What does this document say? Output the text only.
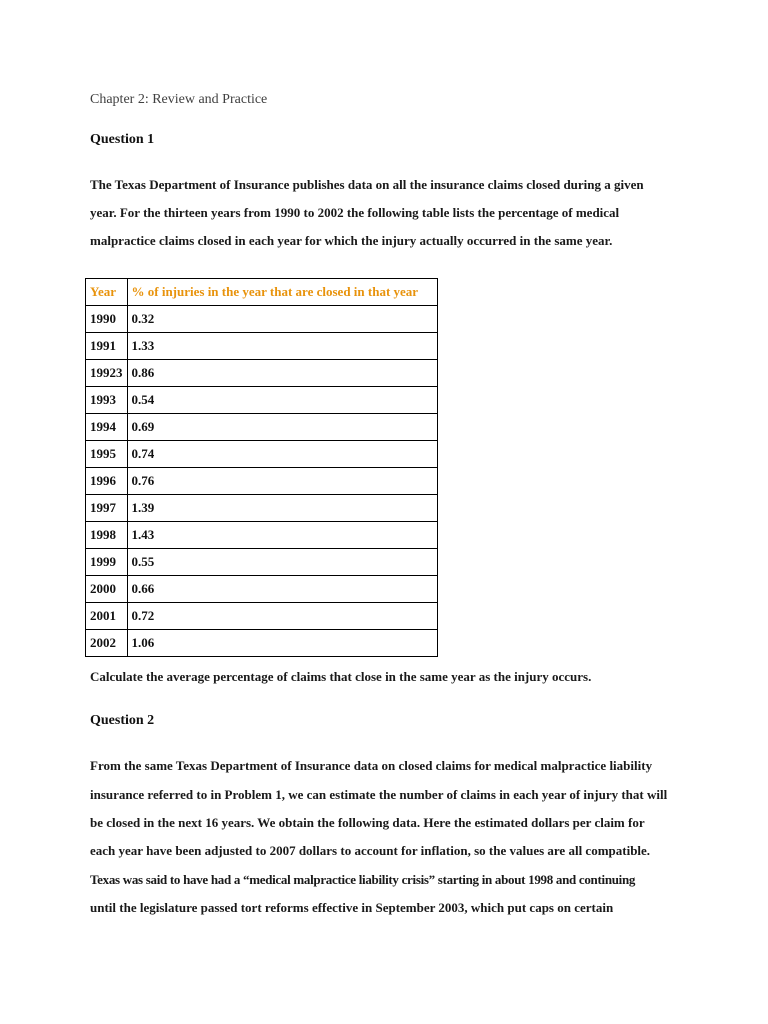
Chapter 2: Review and Practice
Question 1
The Texas Department of Insurance publishes data on all the insurance claims closed during a given
year. For the thirteen years from 1990 to 2002 the following table lists the percentage of medical
malpractice claims closed in each year for which the injury actually occurred in the same year.
Year	% of injuries in the year that are closed in that year
1990	0.32
1991	1.33
19923	0.86
1993	0.54
1994	0.69
1995	0.74
1996	0.76
1997	1.39
1998	1.43
1999	0.55
2000	0.66
2001	0.72
2002	1.06
Calculate the average percentage of claims that close in the same year as the injury occurs.
Question 2
From the same Texas Department of Insurance data on closed claims for medical malpractice liability
insurance referred to in Problem 1, we can estimate the number of claims in each year of injury that will
be closed in the next 16 years. We obtain the following data. Here the estimated dollars per claim for
each year have been adjusted to 2007 dollars to account for inflation, so the values are all compatible.
Texas was said to have had a “medical malpractice liability crisis” starting in about 1998 and continuing
until the legislature passed tort reforms effective in September 2003, which put caps on certain
